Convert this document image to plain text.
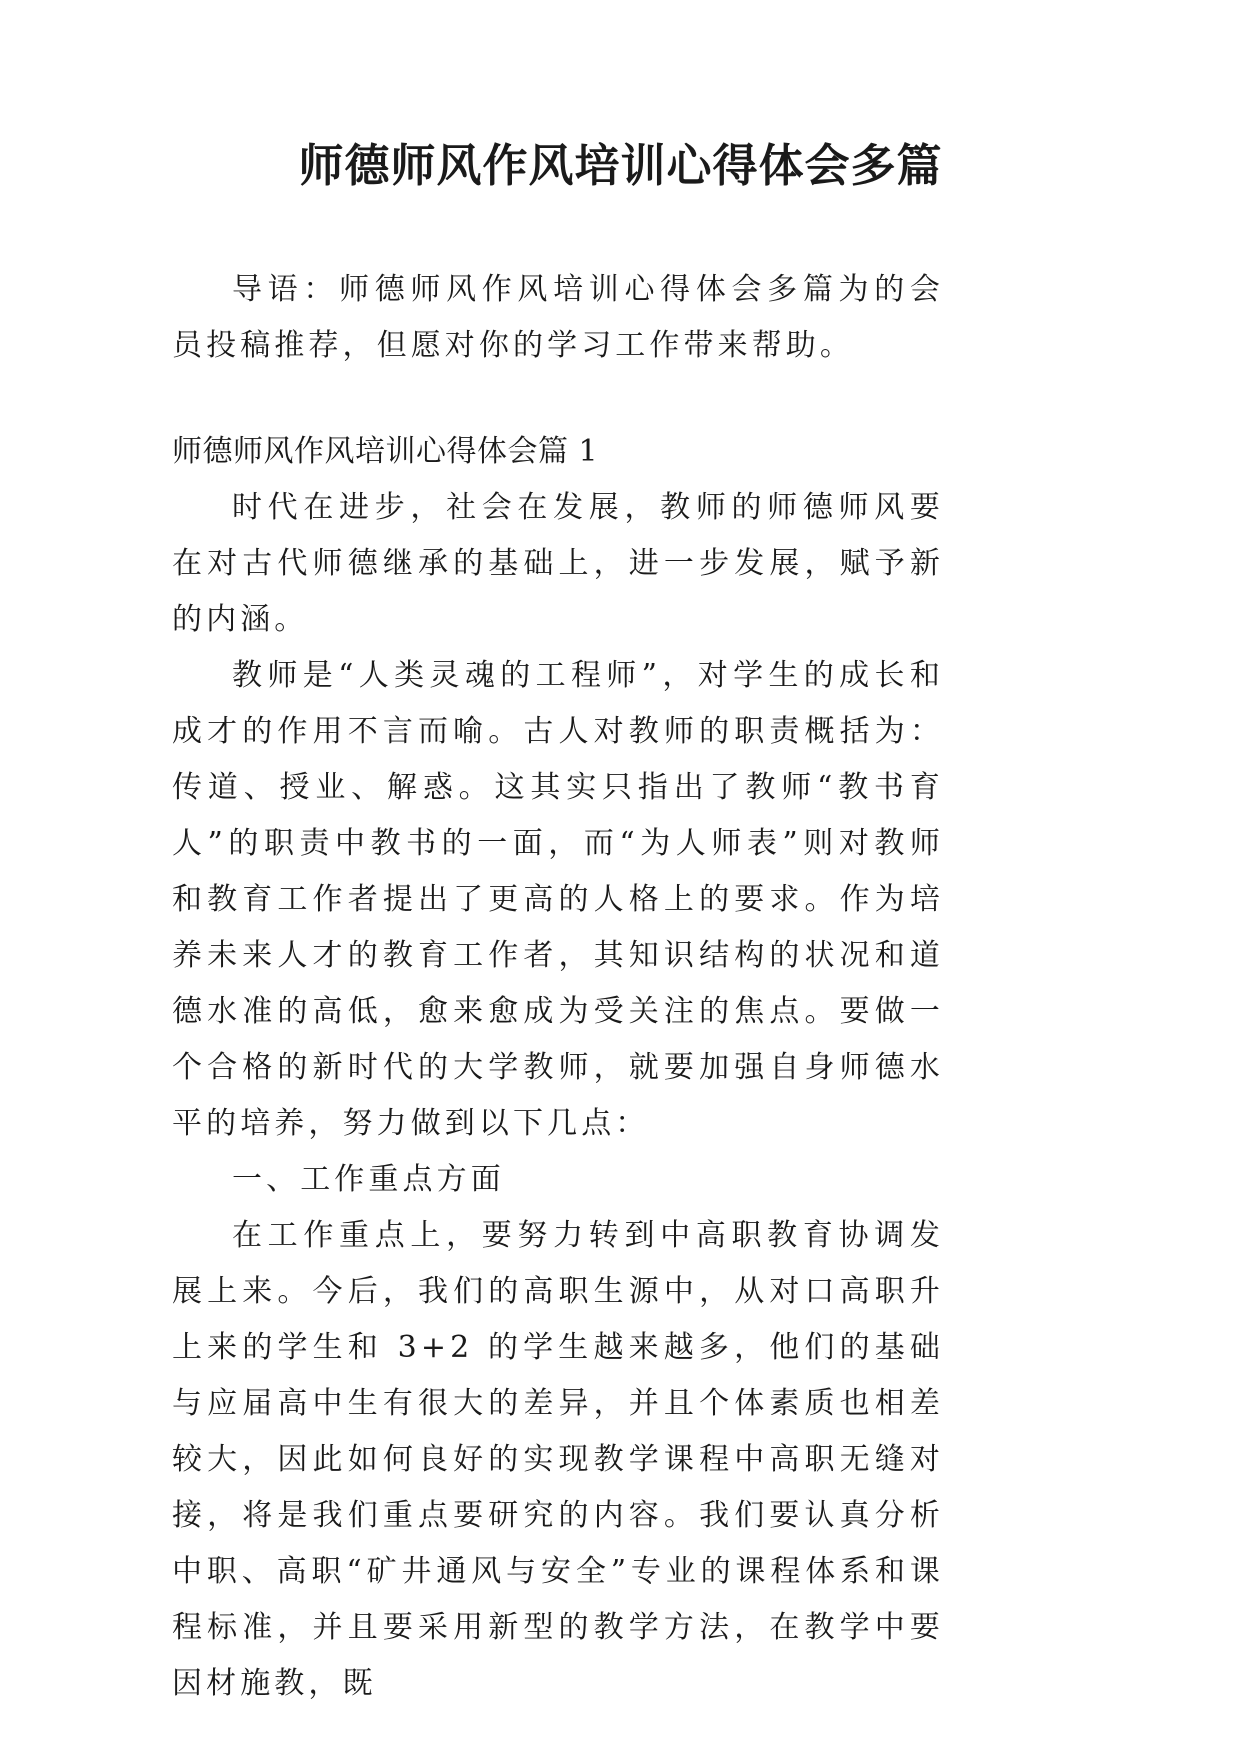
师德师风作风培训心得体会多篇

导语：师德师风作风培训心得体会多篇为的会员投稿推荐，但愿对你的学习工作带来帮助。

师德师风作风培训心得体会篇 1

时代在进步，社会在发展，教师的师德师风要在对古代师德继承的基础上，进一步发展，赋予新的内涵。

教师是“人类灵魂的工程师”，对学生的成长和成才的作用不言而喻。古人对教师的职责概括为：传道、授业、解惑。这其实只指出了教师“教书育人”的职责中教书的一面，而“为人师表”则对教师和教育工作者提出了更高的人格上的要求。作为培养未来人才的教育工作者，其知识结构的状况和道德水准的高低，愈来愈成为受关注的焦点。要做一个合格的新时代的大学教师，就要加强自身师德水平的培养，努力做到以下几点：

一、工作重点方面

在工作重点上，要努力转到中高职教育协调发展上来。今后，我们的高职生源中，从对口高职升上来的学生和 3+2 的学生越来越多，他们的基础与应届高中生有很大的差异，并且个体素质也相差较大，因此如何良好的实现教学课程中高职无缝对接，将是我们重点要研究的内容。我们要认真分析中职、高职“矿井通风与安全”专业的课程体系和课程标准，并且要采用新型的教学方法，在教学中要因材施教，既
